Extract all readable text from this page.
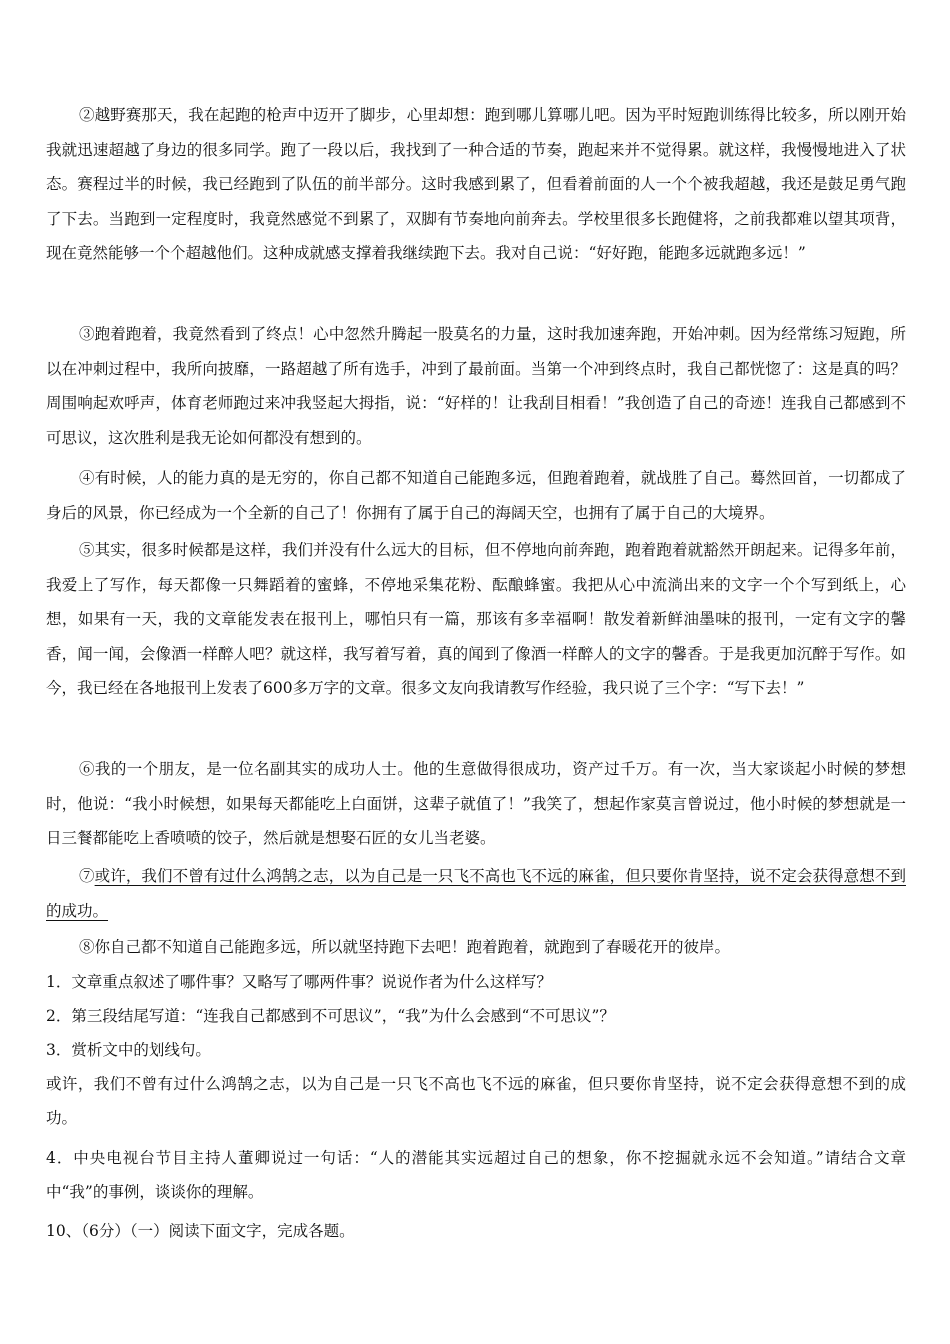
②越野赛那天，我在起跑的枪声中迈开了脚步，心里却想：跑到哪儿算哪儿吧。因为平时短跑训练得比较多，所以刚开始我就迅速超越了身边的很多同学。跑了一段以后，我找到了一种合适的节奏，跑起来并不觉得累。就这样，我慢慢地进入了状态。赛程过半的时候，我已经跑到了队伍的前半部分。这时我感到累了，但看着前面的人一个个被我超越，我还是鼓足勇气跑了下去。当跑到一定程度时，我竟然感觉不到累了，双脚有节奏地向前奔去。学校里很多长跑健将，之前我都难以望其项背，现在竟然能够一个个超越他们。这种成就感支撑着我继续跑下去。我对自己说：“好好跑，能跑多远就跑多远！”

③跑着跑着，我竟然看到了终点！心中忽然升腾起一股莫名的力量，这时我加速奔跑，开始冲刺。因为经常练习短跑，所以在冲刺过程中，我所向披靡，一路超越了所有选手，冲到了最前面。当第一个冲到终点时，我自己都恍惚了：这是真的吗？周围响起欢呼声，体育老师跑过来冲我竖起大拇指，说：“好样的！让我刮目相看！”我创造了自己的奇迹！连我自己都感到不可思议，这次胜利是我无论如何都没有想到的。

④有时候，人的能力真的是无穷的，你自己都不知道自己能跑多远，但跑着跑着，就战胜了自己。蓦然回首，一切都成了身后的风景，你已经成为一个全新的自己了！你拥有了属于自己的海阔天空，也拥有了属于自己的大境界。

⑤其实，很多时候都是这样，我们并没有什么远大的目标，但不停地向前奔跑，跑着跑着就豁然开朗起来。记得多年前，我爱上了写作，每天都像一只舞蹈着的蜜蜂，不停地采集花粉、酝酿蜂蜜。我把从心中流淌出来的文字一个个写到纸上，心想，如果有一天，我的文章能发表在报刊上，哪怕只有一篇，那该有多幸福啊！散发着新鲜油墨味的报刊，一定有文字的馨香，闻一闻，会像酒一样醉人吧？就这样，我写着写着，真的闻到了像酒一样醉人的文字的馨香。于是我更加沉醉于写作。如今，我已经在各地报刊上发表了600多万字的文章。很多文友向我请教写作经验，我只说了三个字：“写下去！”

⑥我的一个朋友，是一位名副其实的成功人士。他的生意做得很成功，资产过千万。有一次，当大家谈起小时候的梦想时，他说：“我小时候想，如果每天都能吃上白面饼，这辈子就值了！”我笑了，想起作家莫言曾说过，他小时候的梦想就是一日三餐都能吃上香喷喷的饺子，然后就是想娶石匠的女儿当老婆。

⑦或许，我们不曾有过什么鸿鹄之志，以为自己是一只飞不高也飞不远的麻雀，但只要你肯坚持，说不定会获得意想不到的成功。

⑧你自己都不知道自己能跑多远，所以就坚持跑下去吧！跑着跑着，就跑到了春暖花开的彼岸。

1．文章重点叙述了哪件事？又略写了哪两件事？说说作者为什么这样写？

2．第三段结尾写道：“连我自己都感到不可思议”，“我”为什么会感到“不可思议”？

3．赏析文中的划线句。

或许，我们不曾有过什么鸿鹄之志，以为自己是一只飞不高也飞不远的麻雀，但只要你肯坚持，说不定会获得意想不到的成功。

4．中央电视台节目主持人董卿说过一句话：“人的潜能其实远超过自己的想象，你不挖掘就永远不会知道。”请结合文章中“我”的事例，谈谈你的理解。

10、（6分）（一）阅读下面文字，完成各题。
